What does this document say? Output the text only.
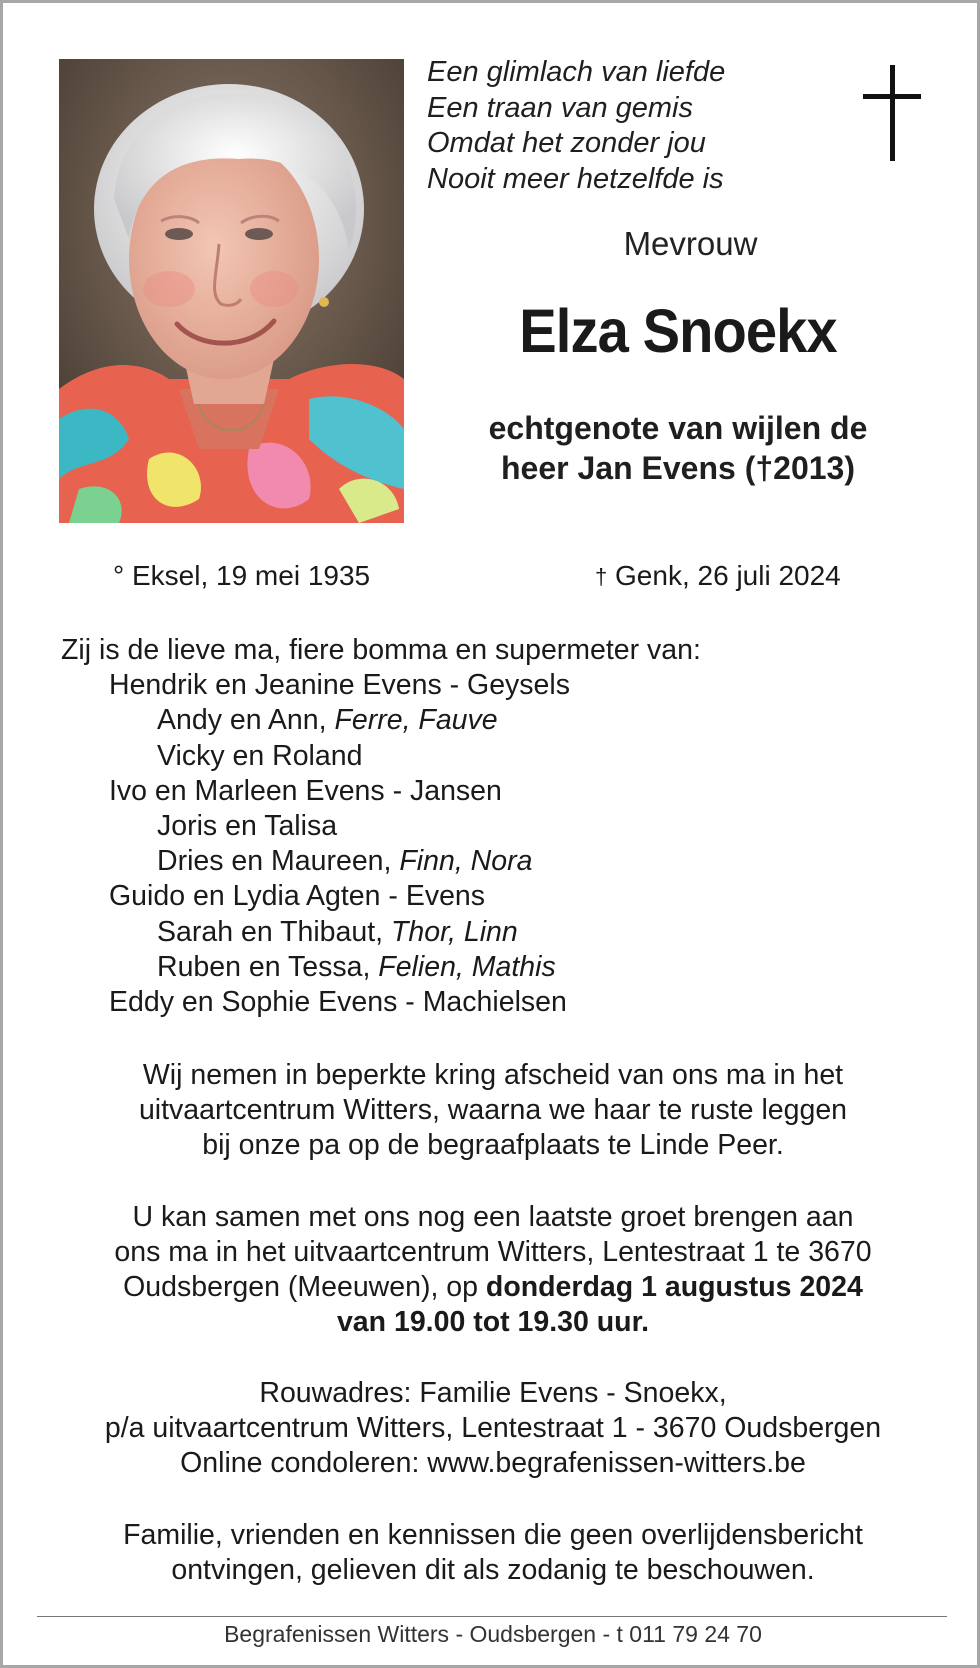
Een glimlach van liefde
Een traan van gemis
Omdat het zonder jou
Nooit meer hetzelfde is
Mevrouw
Elza Snoekx
echtgenote van wijlen de
heer Jan Evens (†2013)
° Eksel, 19 mei 1935	† Genk, 26 juli 2024
Zij is de lieve ma, fiere bomma en supermeter van:
Hendrik en Jeanine Evens - Geysels
Andy en Ann, Ferre, Fauve
Vicky en Roland
Ivo en Marleen Evens - Jansen
Joris en Talisa
Dries en Maureen, Finn, Nora
Guido en Lydia Agten - Evens
Sarah en Thibaut, Thor, Linn
Ruben en Tessa, Felien, Mathis
Eddy en Sophie Evens - Machielsen
Wij nemen in beperkte kring afscheid van ons ma in het
uitvaartcentrum Witters, waarna we haar te ruste leggen
bij onze pa op de begraafplaats te Linde Peer.
U kan samen met ons nog een laatste groet brengen aan
ons ma in het uitvaartcentrum Witters, Lentestraat 1 te 3670
Oudsbergen (Meeuwen), op donderdag 1 augustus 2024
van 19.00 tot 19.30 uur.
Rouwadres: Familie Evens - Snoekx,
p/a uitvaartcentrum Witters, Lentestraat 1 - 3670 Oudsbergen
Online condoleren: www.begrafenissen-witters.be
Familie, vrienden en kennissen die geen overlijdensbericht
ontvingen, gelieven dit als zodanig te beschouwen.
Begrafenissen Witters - Oudsbergen - t 011 79 24 70
